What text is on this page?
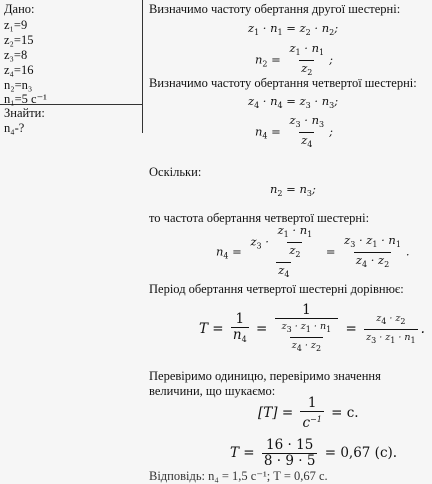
Дано:
z₁=9
z₂=15
z₃=8
z₄=16
n₂=n₃
n₁=5 с⁻¹
Знайти:
n₄-?
Визначимо частоту обертання другої шестерні:
$z_1 \cdot n_1 = z_2 \cdot n_2$;
$n_2 = \frac{z_1 \cdot n_1}{z_2}$ ;
Визначимо частоту обертання четвертої шестерні:
$z_4 \cdot n_4 = z_3 \cdot n_3$;
$n_4 = \frac{z_3 \cdot n_3}{z_4}$ ;
Оскільки:
$n_2 = n_3$;
то частота обертання четвертої шестерні:
$n_4 = \frac{z_3 \cdot \frac{z_1 \cdot n_1}{z_2}}{z_4} = \frac{z_3 \cdot z_1 \cdot n_1}{z_4 \cdot z_2}$ .
Період обертання четвертої шестерні дорівнює:
$T = \frac{1}{n_4} = \frac{1}{\frac{z_3 \cdot z_1 \cdot n_1}{z_4 \cdot z_2}} = \frac{z_4 \cdot z_2}{z_3 \cdot z_1 \cdot n_1}$ .
Перевіримо одиницю, перевіримо значення
величини, що шукаємо:
$[T] = \frac{1}{c^{-1}} = с$.
$T = \frac{16 \cdot 15}{8 \cdot 9 \cdot 5} = 0,67$ (с).
Відповідь: n₄ = 1,5 с⁻¹; T = 0,67 с.
